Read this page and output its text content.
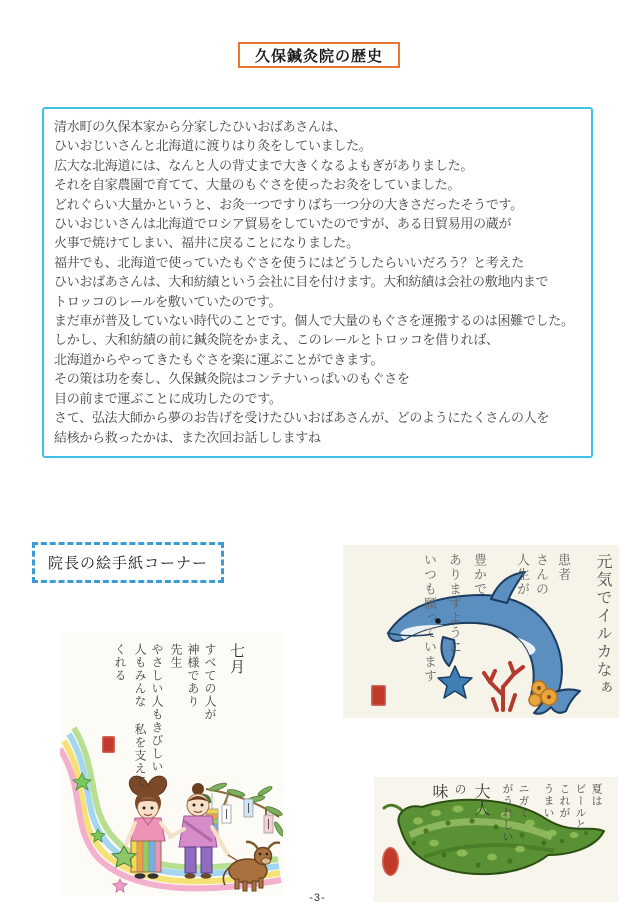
久保鍼灸院の歴史
清水町の久保本家から分家したひいおばあさんは、
ひいおじいさんと北海道に渡りはり灸をしていました。
広大な北海道には、なんと人の背丈まで大きくなるよもぎがありました。
それを自家農園で育てて、大量のもぐさを使ったお灸をしていました。
どれぐらい大量かというと、お灸一つですりばち一つ分の大きさだったそうです。
ひいおじいさんは北海道でロシア貿易をしていたのですが、ある日貿易用の蔵が
火事で焼けてしまい、福井に戻ることになりました。
福井でも、北海道で使っていたもぐさを使うにはどうしたらいいだろう？と考えた
ひいおばあさんは、大和紡績という会社に目を付けます。大和紡績は会社の敷地内まで
トロッコのレールを敷いていたのです。
まだ車が普及していない時代のことです。個人で大量のもぐさを運搬するのは困難でした。
しかし、大和紡績の前に鍼灸院をかまえ、このレールとトロッコを借りれば、
北海道からやってきたもぐさを楽に運ぶことができます。
その策は功を奏し、久保鍼灸院はコンテナいっぱいのもぐさを
目の前まで運ぶことに成功したのです。
さて、弘法大師から夢のお告げを受けたひいおばあさんが、どのようにたくさんの人を
結核から救ったかは、また次回お話ししますね
院長の絵手紙コーナー	元気でイルカなぁ
患者
さんの
人生が
豊かで
ありますように
いつも願っています
七月
すべての人が
神様であり
先生
やさしい人もきびしい
人もみんな 私を支えて
くれる
夏は
ビールと
これが
うまい
ニガミ
がうれしい
大人
の
味
-3-
